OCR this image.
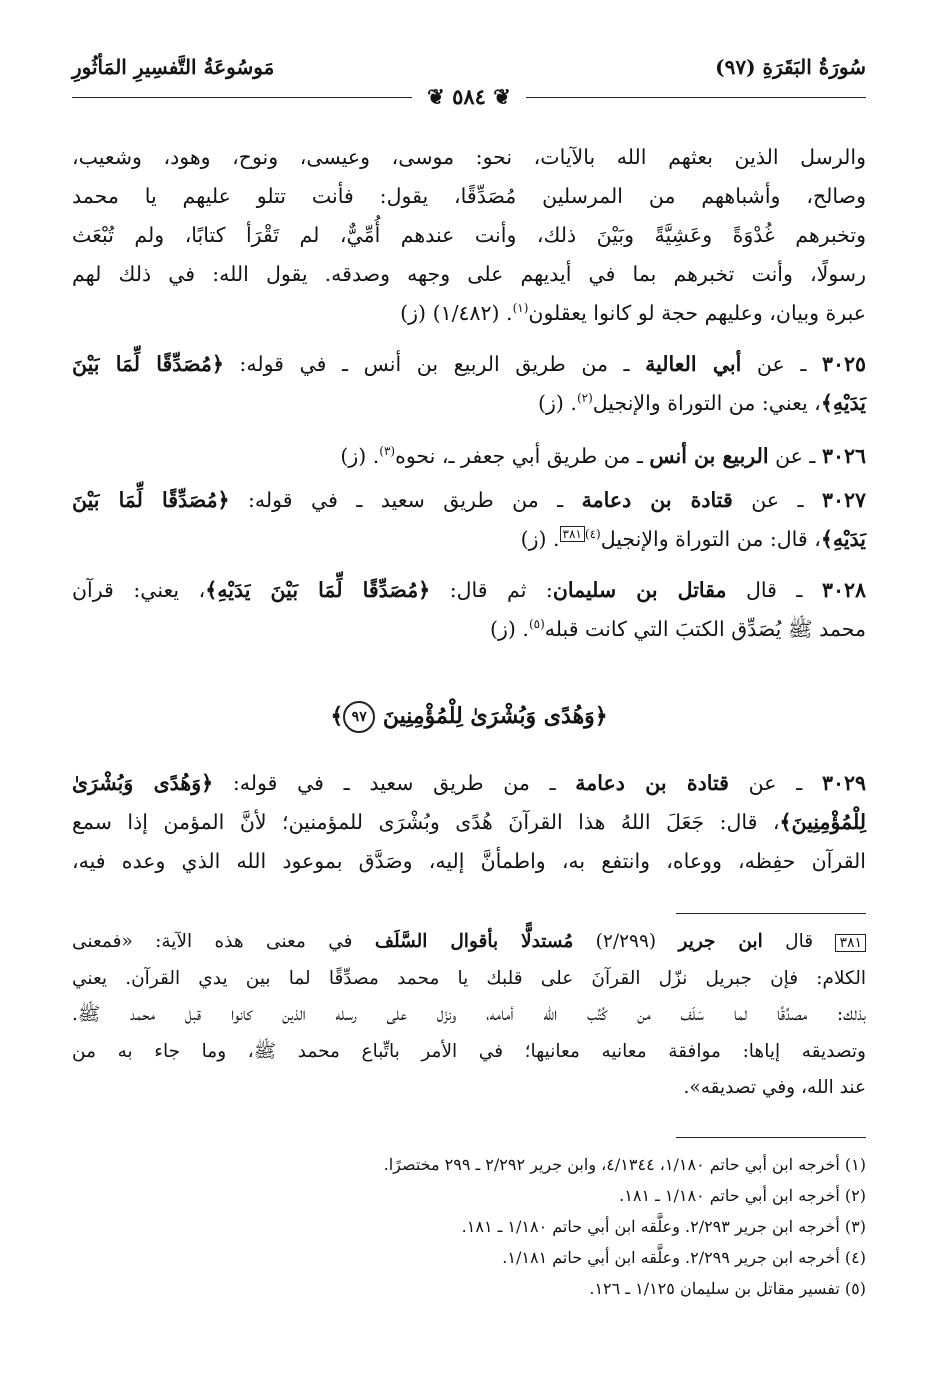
سُورَةُ البَقَرَةِ (٩٧)
مَوسُوعَةُ التَّفسِيرِ المَأثُورِ
❦ ٥٨٤ ❦
والرسل الذين بعثهم الله بالآيات، نحو: موسى، وعيسى، ونوح، وهود، وشعيب،
وصالح، وأشباههم من المرسلين مُصَدِّقًا، يقول: فأنت تتلو عليهم يا محمد
وتخبرهم غُدْوَةً وعَشِيَّةً وبَيْنَ ذلك، وأنت عندهم أُمِّيٌّ، لم تَقْرَأ كتابًا، ولم تُبْعَث
رسولًا، وأنت تخبرهم بما في أيديهم على وجهه وصدقه. يقول الله: في ذلك لهم
عبرة وبيان، وعليهم حجة لو كانوا يعقلون$^{(١)}$. (١/٤٨٢) (ز)
٣٠٢٥ ـ عن أبي العالية ـ من طريق الربيع بن أنس ـ في قوله: ﴿مُصَدِّقًا لِّمَا بَيْنَ
يَدَيْهِ﴾، يعني: من التوراة والإنجيل$^{(٢)}$. (ز)
٣٠٢٦ ـ عن الربيع بن أنس ـ من طريق أبي جعفر ـ، نحوه$^{(٣)}$. (ز)
٣٠٢٧ ـ عن قتادة بن دعامة ـ من طريق سعيد ـ في قوله: ﴿مُصَدِّقًا لِّمَا بَيْنَ
يَدَيْهِ﴾، قال: من التوراة والإنجيل$^{(٤)٣٨١}$. (ز)
٣٠٢٨ ـ قال مقاتل بن سليمان: ثم قال: ﴿مُصَدِّقًا لِّمَا بَيْنَ يَدَيْهِ﴾، يعني: قرآن
محمد ﷺ يُصَدِّق الكتبَ التي كانت قبله$^{(٥)}$. (ز)
﴿وَهُدًى وَبُشْرَىٰ لِلْمُؤْمِنِينَ ٩٧﴾
٣٠٢٩ ـ عن قتادة بن دعامة ـ من طريق سعيد ـ في قوله: ﴿وَهُدًى وَبُشْرَىٰ
لِلْمُؤْمِنِينَ﴾، قال: جَعَلَ اللهُ هذا القرآنَ هُدًى وبُشْرَى للمؤمنين؛ لأنَّ المؤمن إذا سمع
القرآن حفِظه، ووعاه، وانتفع به، واطمأنَّ إليه، وصَدَّق بموعود الله الذي وعده فيه،
٣٨١ قال ابن جرير (٢/٢٩٩) مُستدلًّا بأقوال السَّلَف في معنى هذه الآية: «فمعنى
الكلام: فإن جبريل نزّل القرآنَ على قلبك يا محمد مصدِّقًا لما بين يدي القرآن. يعني
بذلك: مصدِّقًا لما سَلَف من كُتُب الله أمامه، ونزَل على رسله الذين كانوا قبل محمد ﷺ.
وتصديقه إياها: موافقة معانيه معانيها؛ في الأمر باتِّباع محمد ﷺ، وما جاء به من
عند الله، وفي تصديقه».
(١) أخرجه ابن أبي حاتم ١/١٨٠، ٤/١٣٤٤، وابن جرير ٢/٢٩٢ ـ ٢٩٩ مختصرًا.
(٢) أخرجه ابن أبي حاتم ١/١٨٠ ـ ١٨١.
(٣) أخرجه ابن جرير ٢/٢٩٣. وعلَّقه ابن أبي حاتم ١/١٨٠ ـ ١٨١.
(٤) أخرجه ابن جرير ٢/٢٩٩. وعلَّقه ابن أبي حاتم ١/١٨١.
(٥) تفسير مقاتل بن سليمان ١/١٢٥ ـ ١٢٦.
